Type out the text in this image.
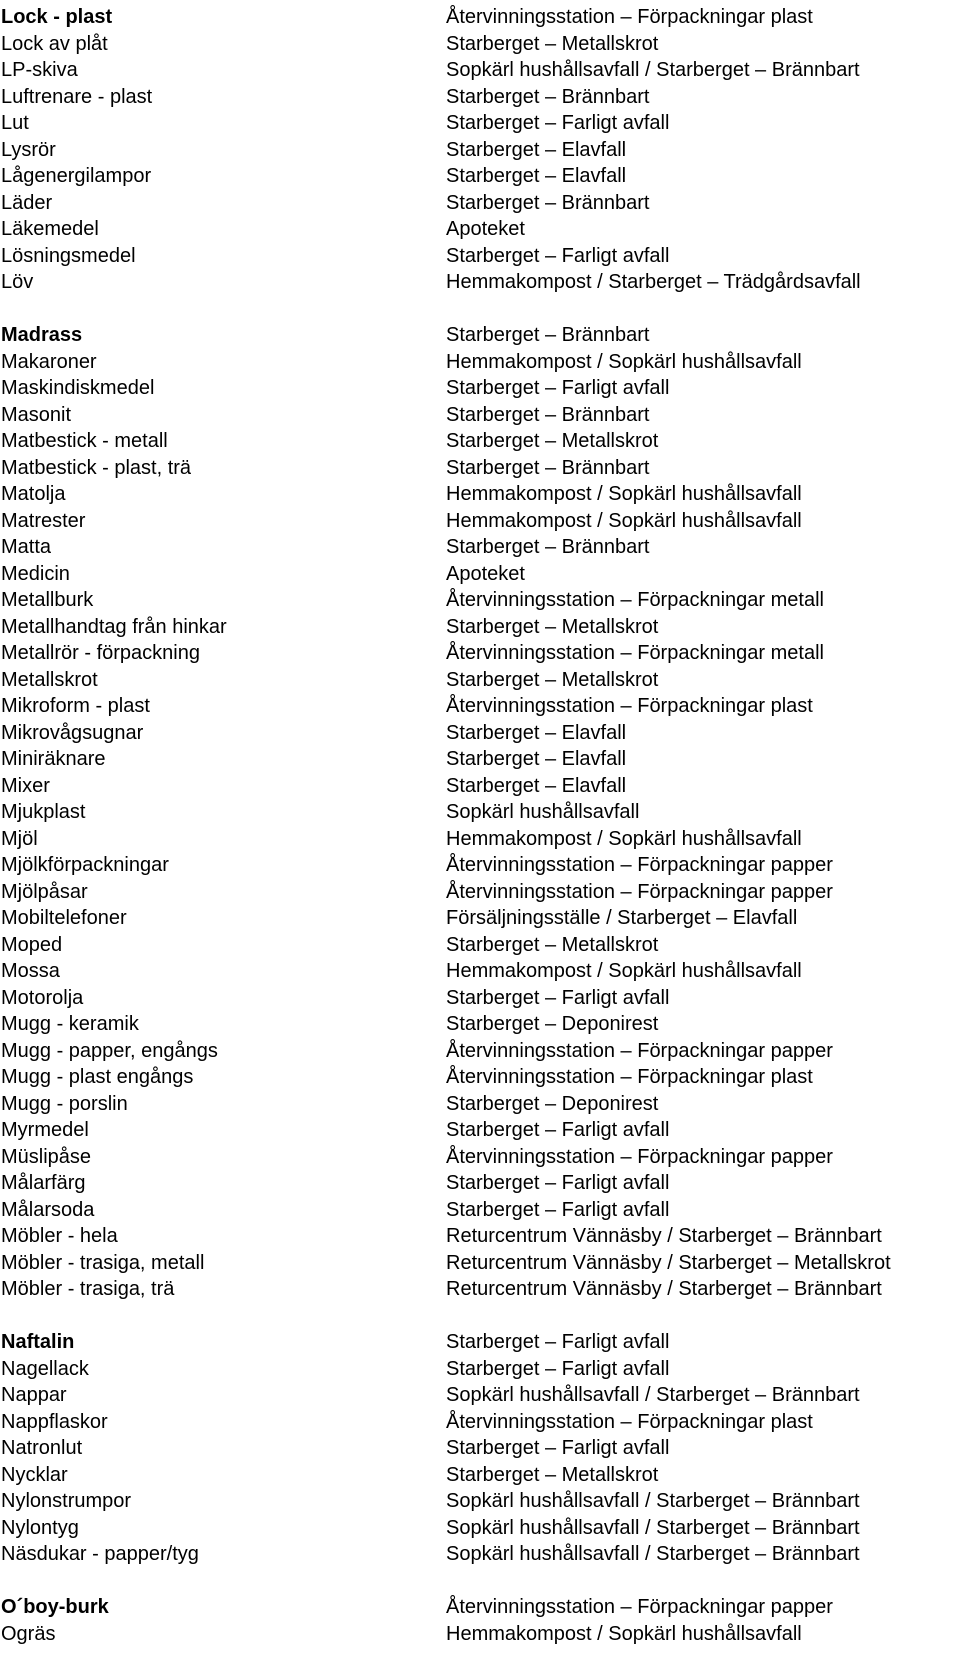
Lock - plast	Återvinningsstation – Förpackningar plast
Lock av plåt	Starberget – Metallskrot
LP-skiva	Sopkärl hushållsavfall / Starberget – Brännbart
Luftrenare - plast	Starberget – Brännbart
Lut	Starberget – Farligt avfall
Lysrör	Starberget – Elavfall
Lågenergilampor	Starberget – Elavfall
Läder	Starberget – Brännbart
Läkemedel	Apoteket
Lösningsmedel	Starberget – Farligt avfall
Löv	Hemmakompost / Starberget – Trädgårdsavfall
Madrass	Starberget – Brännbart
Makaroner	Hemmakompost / Sopkärl hushållsavfall
Maskindiskmedel	Starberget – Farligt avfall
Masonit	Starberget – Brännbart
Matbestick - metall	Starberget – Metallskrot
Matbestick - plast, trä	Starberget – Brännbart
Matolja	Hemmakompost / Sopkärl hushållsavfall
Matrester	Hemmakompost / Sopkärl hushållsavfall
Matta	Starberget – Brännbart
Medicin	Apoteket
Metallburk	Återvinningsstation – Förpackningar metall
Metallhandtag från hinkar	Starberget – Metallskrot
Metallrör - förpackning	Återvinningsstation – Förpackningar metall
Metallskrot	Starberget – Metallskrot
Mikroform - plast	Återvinningsstation – Förpackningar plast
Mikrovågsugnar	Starberget – Elavfall
Miniräknare	Starberget – Elavfall
Mixer	Starberget – Elavfall
Mjukplast	Sopkärl hushållsavfall
Mjöl	Hemmakompost / Sopkärl hushållsavfall
Mjölkförpackningar	Återvinningsstation – Förpackningar papper
Mjölpåsar	Återvinningsstation – Förpackningar papper
Mobiltelefoner	Försäljningsställe / Starberget – Elavfall
Moped	Starberget – Metallskrot
Mossa	Hemmakompost / Sopkärl hushållsavfall
Motorolja	Starberget – Farligt avfall
Mugg - keramik	Starberget – Deponirest
Mugg - papper, engångs	Återvinningsstation – Förpackningar papper
Mugg - plast engångs	Återvinningsstation – Förpackningar plast
Mugg - porslin	Starberget – Deponirest
Myrmedel	Starberget – Farligt avfall
Müslipåse	Återvinningsstation – Förpackningar papper
Målarfärg	Starberget – Farligt avfall
Målarsoda	Starberget – Farligt avfall
Möbler - hela	Returcentrum Vännäsby / Starberget – Brännbart
Möbler - trasiga, metall	Returcentrum Vännäsby / Starberget – Metallskrot
Möbler - trasiga, trä	Returcentrum Vännäsby / Starberget – Brännbart
Naftalin	Starberget – Farligt avfall
Nagellack	Starberget – Farligt avfall
Nappar	Sopkärl hushållsavfall / Starberget – Brännbart
Nappflaskor	Återvinningsstation – Förpackningar plast
Natronlut	Starberget – Farligt avfall
Nycklar	Starberget – Metallskrot
Nylonstrumpor	Sopkärl hushållsavfall / Starberget – Brännbart
Nylontyg	Sopkärl hushållsavfall / Starberget – Brännbart
Näsdukar - papper/tyg	Sopkärl hushållsavfall / Starberget – Brännbart
O´boy-burk	Återvinningsstation – Förpackningar papper
Ogräs	Hemmakompost / Sopkärl hushållsavfall
